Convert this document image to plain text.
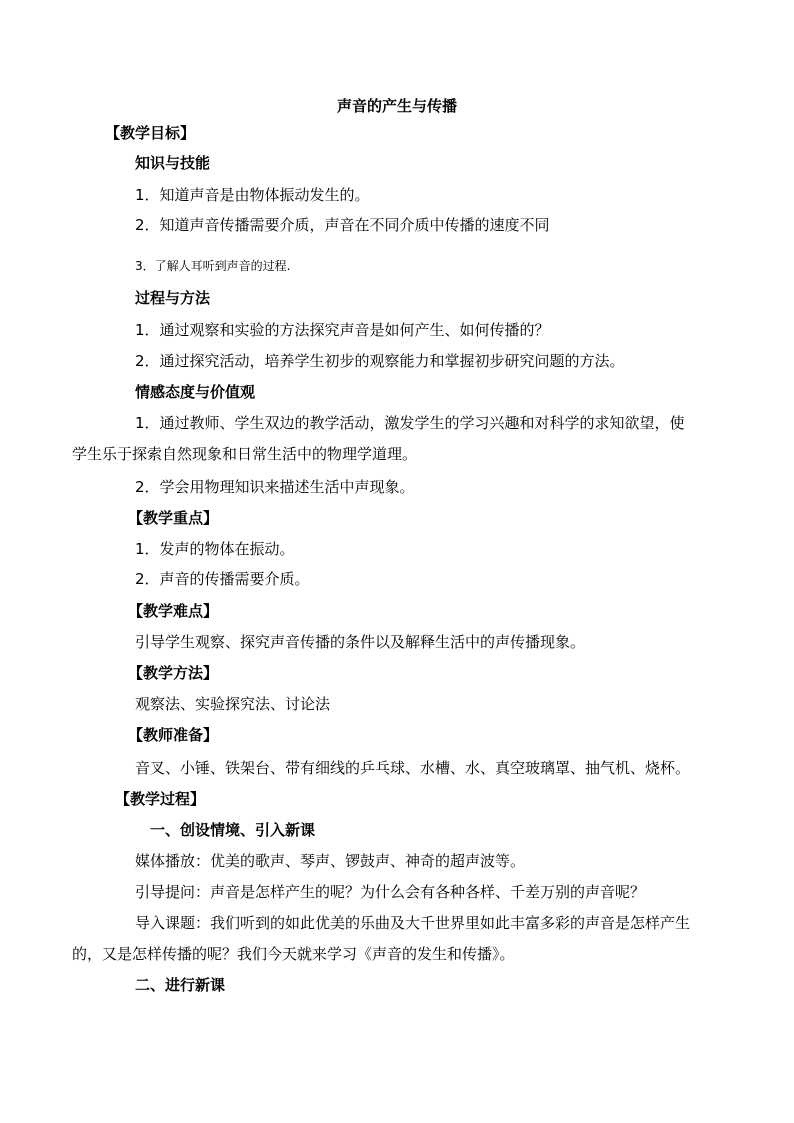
声音的产生与传播
【教学目标】
知识与技能
1．知道声音是由物体振动发生的。
2．知道声音传播需要介质，声音在不同介质中传播的速度不同
3．了解人耳听到声音的过程.
过程与方法
1．通过观察和实验的方法探究声音是如何产生、如何传播的？
2．通过探究活动，培养学生初步的观察能力和掌握初步研究问题的方法。
情感态度与价值观
1．通过教师、学生双边的教学活动，激发学生的学习兴趣和对科学的求知欲望，使
学生乐于探索自然现象和日常生活中的物理学道理。
2．学会用物理知识来描述生活中声现象。
【教学重点】
1．发声的物体在振动。
2．声音的传播需要介质。
【教学难点】
引导学生观察、探究声音传播的条件以及解释生活中的声传播现象。
【教学方法】
观察法、实验探究法、讨论法
【教师准备】
音叉、小锤、铁架台、带有细线的乒乓球、水槽、水、真空玻璃罩、抽气机、烧杯。
【教学过程】
一、创设情境、引入新课
媒体播放：优美的歌声、琴声、锣鼓声、神奇的超声波等。
引导提问：声音是怎样产生的呢？为什么会有各种各样、千差万别的声音呢？
导入课题：我们听到的如此优美的乐曲及大千世界里如此丰富多彩的声音是怎样产生
的，又是怎样传播的呢？我们今天就来学习《声音的发生和传播》。
二、进行新课
